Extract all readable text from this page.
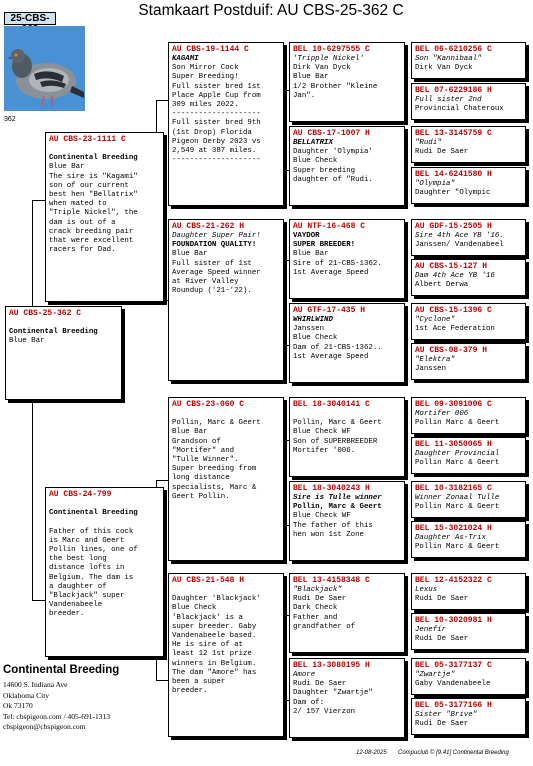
25-CBS-	Stamkaart Postduif: AU CBS-25-362 C
362
AU CBS-25-362 C

Continental Breeding
Blue Bar
AU CBS-23-1111 C

Continental Breeding
Blue Bar
The sire is "Kagami"
son of our current
best hen "Bellatrix"
when mated to
"Triple Nickel", the
dam is out of a
crack breeding pair
that were excellent
racers for Dad.
AU CBS-24-799

Continental Breeding

Father of this cock
is Marc and Geert
Pollin lines, one of
the best long
distance lofts in
Belgium. The dam is
a daughter of
"Blackjack" super
Vandenabeele
breeder.
AU CBS-19-1144 C
KAGAMI
Son Mirror Cock
Super Breeding!
Full sister bred 1st
Place Apple Cup from
309 miles 2022.
--------------------
Full sister bred 9th
(1st Drop) Florida
Pigeon Derby 2023 vs
2,549 at 387 miles.
--------------------
AU CBS-21-262 H
Daughter Super Pair!
FOUNDATION QUALITY!
Blue Bar
Full sister of 1st
Average Speed winner
at River Valley
Roundup ('21-'22).
AU CBS-23-060 C

Pollin, Marc & Geert
Blue Bar
Grandson of
"Mortifer" and
"Tulle Winner".
Super breeding from
long distance
specialists, Marc &
Geert Pollin.
AU CBS-21-548 H

Daughter 'Blackjack'
Blue Check
'Blackjack' is a
super breeder. Gaby
Vandenabeele based.
He is sire of at
least 12 1st prize
winners in Belgium.
The dam "Amore" has
been a super
breeder.
BEL 10-6297555 C
'Tripple Nickel'
Dirk Van Dyck
Blue Bar
1/2 Brother "Kleine
Jan".
AU CBS-17-1007 H
BELLATRIX
Daughter 'Olympia'
Blue Check
Super breeding
daughter of "Rudi.
AU NTF-16-468 C
VAYDOR
SUPER BREEDER!
Blue Bar
Sire of 21-CBS-1362.
1st Average Speed
AU GTF-17-435 H
WHIRLWIND
Janssen
Blue Check
Dam of 21-CBS-1362..
1st Average Speed
BEL 18-3040141 C

Pollin, Marc & Geert
Blue Check WF
Son of SUPERBREEDER
Mortifer '006.
BEL 18-3040243 H
Sire is Tulle winner
Pollin, Marc & Geert
Blue Check WF
The father of this
hen won 1st Zone
BEL 13-4158348 C
"Blackjack"
Rudi De Saer
Dark Check
Father and
grandfather of
BEL 13-3080195 H
Amore
Rudi De Saer
Daughter "Zwartje"
Dam of:
2/ 157 Vierzon
BEL 06-6210256 C
Son "Kannibaal"
Dirk Van Dyck
BEL 07-6229186 H
Full sister 2nd
Provincial Chateroux
BEL 13-3145759 C
"Rudi"
Rudi De Saer
BEL 14-6241580 H
"Olympia"
Daughter "Olympic
AU GDF-15-2505 H
Sire 4th Ace YB '16.
Janssen/ Vandenabeel
AU CBS-15-127 H
Dam 4th Ace YB '16
Albert Derwa
AU CBS-15-1396 C
"Cyclone"
1st Ace Federation
AU CBS-08-379 H
"Elektra"
Janssen
BEL 09-3091006 C
Mortifer 006
Pollin Marc & Geert
BEL 11-3050065 H
Daughter Provincial
Pollin Marc & Geert
BEL 10-3182165 C
Winner Zonaal Tulle
Pollin Marc & Geert
BEL 15-3021024 H
Daughter As-Trix
Pollin Marc & Geert
BEL 12-4152322 C
Lexus
Rudi De Saer
BEL 10-3020981 H
Jenefir
Rudi De Saer
BEL 05-3177137 C
"Zwartje"
Gaby Vandenabeele
BEL 05-3177166 H
Sister "Brive"
Rudi De Saer
Continental Breeding
14600 S. Indiana Ave
Oklahoma City
Ok 73170
Tel: cbspigeon.com / 405-691-1313
cbspigeon@cbspigeon.com
12-08-2025 Compuclub © [9.41] Continental Breeding
